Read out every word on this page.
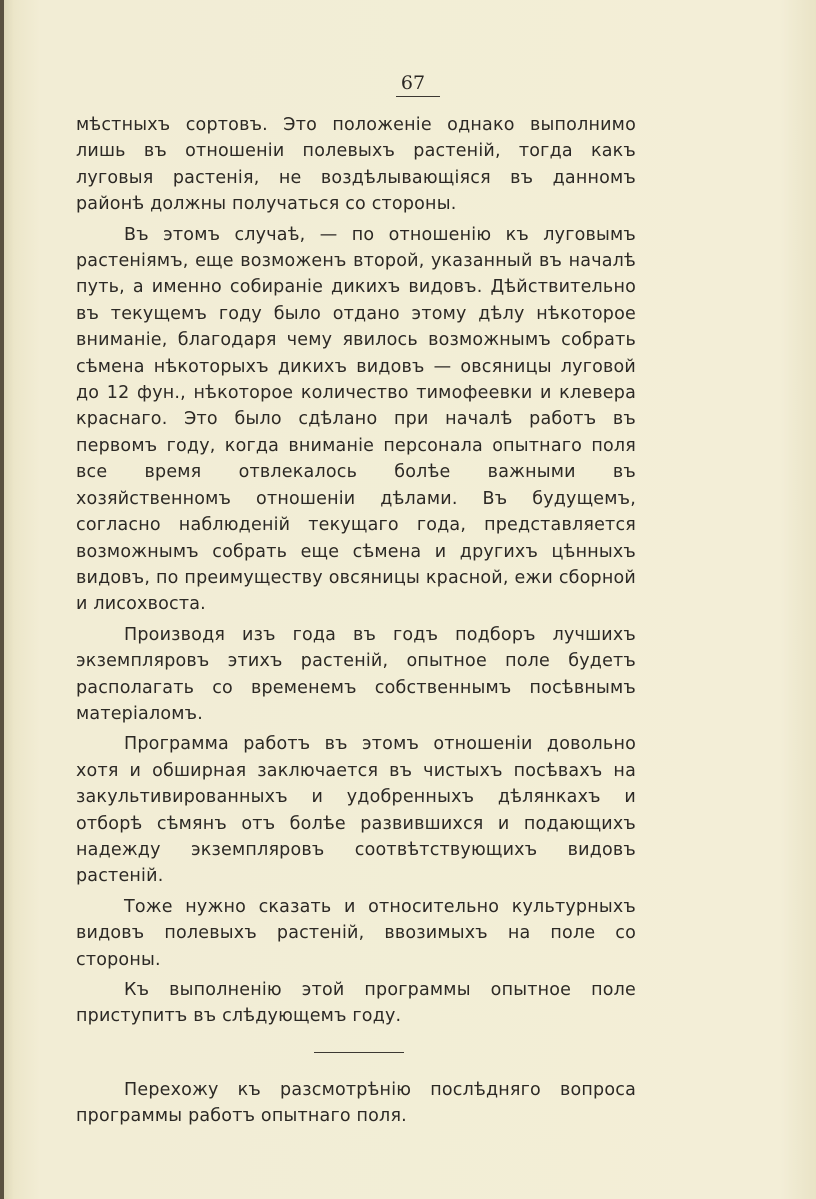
67

мѣстныхъ сортовъ. Это положеніе однако выполнимо лишь въ отношеніи полевыхъ растеній, тогда какъ луговыя растенія, не воздѣлывающіяся въ данномъ районѣ должны получаться со стороны.

Въ этомъ случаѣ, — по отношенію къ луговымъ растеніямъ, еще возможенъ второй, указанный въ началѣ путь, а именно собираніе дикихъ видовъ. Дѣйствительно въ текущемъ году было отдано этому дѣлу нѣкоторое вниманіе, благодаря чему явилось возможнымъ собрать сѣмена нѣкоторыхъ дикихъ видовъ — овсяницы луговой до 12 фун., нѣкоторое количество тимофеевки и клевера краснаго. Это было сдѣлано при началѣ работъ въ первомъ году, когда вниманіе персонала опытнаго поля все время отвлекалось болѣе важными въ хозяйственномъ отношеніи дѣлами. Въ будущемъ, согласно наблюденій текущаго года, представляется возможнымъ собрать еще сѣмена и другихъ цѣнныхъ видовъ, по преимуществу овсяницы красной, ежи сборной и лисохвоста.

Производя изъ года въ годъ подборъ лучшихъ экземпляровъ этихъ растеній, опытное поле будетъ располагать со временемъ собственнымъ посѣвнымъ матеріаломъ.

Программа работъ въ этомъ отношеніи довольно хотя и обширная заключается въ чистыхъ посѣвахъ на закультивированныхъ и удобренныхъ дѣлянкахъ и отборѣ сѣмянъ отъ болѣе развившихся и подающихъ надежду экземпляровъ соотвѣтствующихъ видовъ растеній.

Тоже нужно сказать и относительно культурныхъ видовъ полевыхъ растеній, ввозимыхъ на поле со стороны.

Къ выполненію этой программы опытное поле приступитъ въ слѣдующемъ году.

Перехожу къ разсмотрѣнію послѣдняго вопроса программы работъ опытнаго поля.
